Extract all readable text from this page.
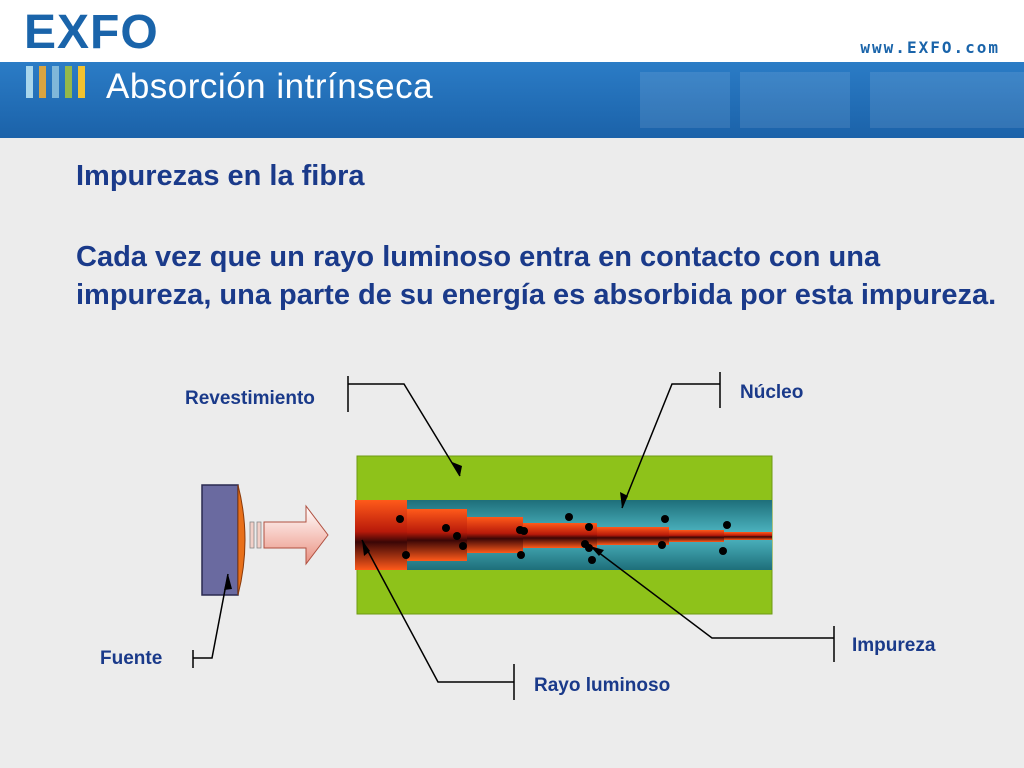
EXFO	www.EXFO.com
Absorción intrínseca
Impurezas en la fibra
Cada vez que un rayo luminoso entra en contacto con una impureza, una parte de su energía es absorbida por esta impureza.
Revestimiento	Núcleo
Fuente
Rayo luminoso
Impureza
